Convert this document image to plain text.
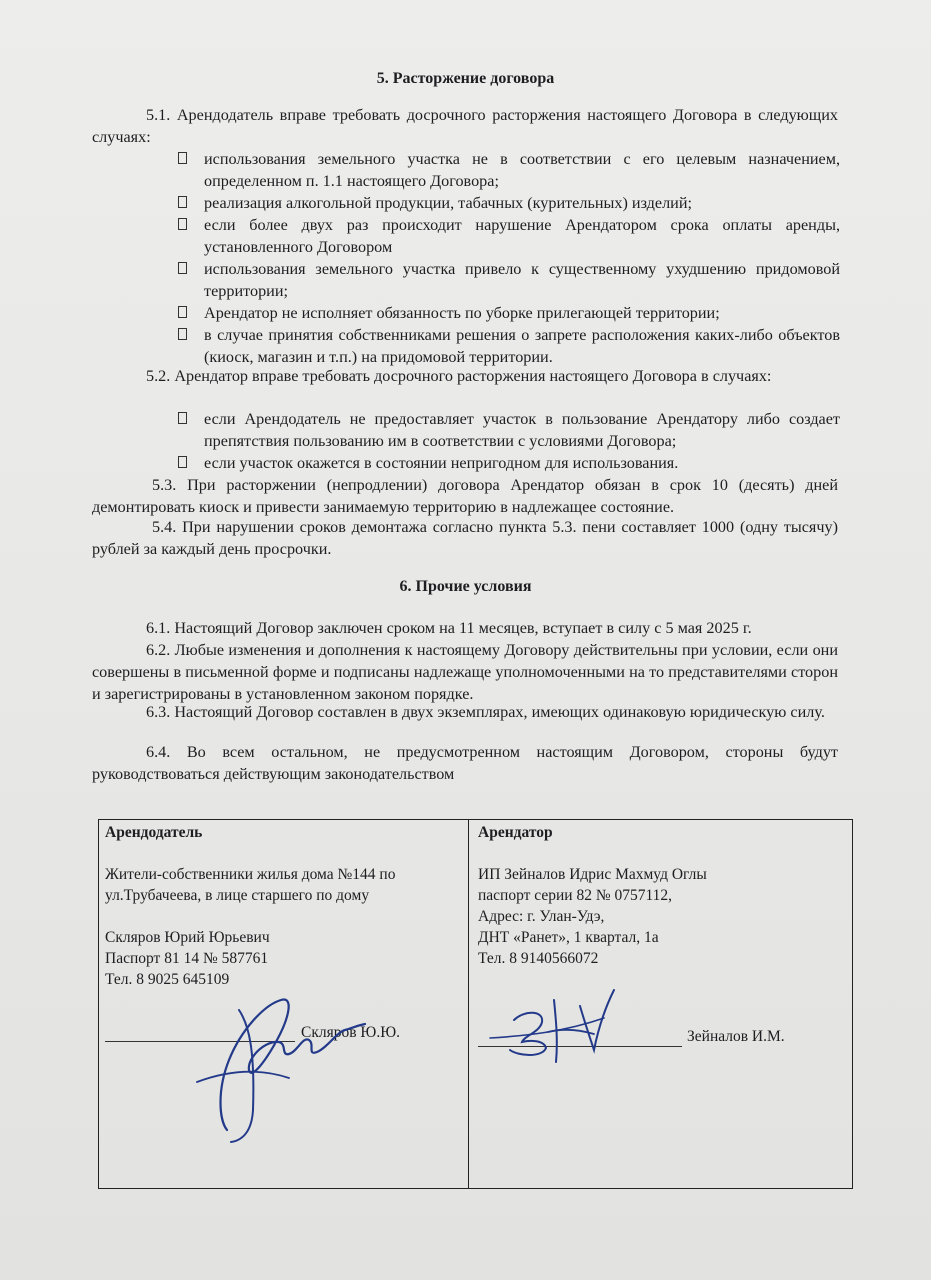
5. Расторжение договора

5.1. Арендодатель вправе требовать досрочного расторжения настоящего Договора в следующих случаях:

использования земельного участка не в соответствии с его целевым назначением, определенном п. 1.1 настоящего Договора;
реализация алкогольной продукции, табачных (курительных) изделий;
если более двух раз происходит нарушение Арендатором срока оплаты аренды, установленного Договором
использования земельного участка привело к существенному ухудшению придомовой территории;
Арендатор не исполняет обязанность по уборке прилегающей территории;
в случае принятия собственниками решения о запрете расположения каких-либо объектов (киоск, магазин и т.п.) на придомовой территории.

5.2. Арендатор вправе требовать досрочного расторжения настоящего Договора в случаях:

если Арендодатель не предоставляет участок в пользование Арендатору либо создает препятствия пользованию им в соответствии с условиями Договора;
если участок окажется в состоянии непригодном для использования.

5.3. При расторжении (непродлении) договора Арендатор обязан в срок 10 (десять) дней демонтировать киоск и привести занимаемую территорию в надлежащее состояние.

5.4. При нарушении сроков демонтажа согласно пункта 5.3. пени составляет 1000 (одну тысячу) рублей за каждый день просрочки.

6. Прочие условия

6.1. Настоящий Договор заключен сроком на 11 месяцев, вступает в силу с 5 мая 2025 г.

6.2. Любые изменения и дополнения к настоящему Договору действительны при условии, если они совершены в письменной форме и подписаны надлежаще уполномоченными на то представителями сторон и зарегистрированы в установленном законом порядке.

6.3. Настоящий Договор составлен в двух экземплярах, имеющих одинаковую юридическую силу.

6.4. Во всем остальном, не предусмотренном настоящим Договором, стороны будут руководствоваться действующим законодательством

Арендодатель
Жители-собственники жилья дома №144 по ул.Трубачеева, в лице старшего по дому
Скляров Юрий Юрьевич
Паспорт 81 14 № 587761
Тел. 8 9025 645109
Арендатор
ИП Зейналов Идрис Махмуд Оглы
паспорт серии 82 № 0757112,
Адрес: г. Улан-Удэ,
ДНТ «Ранет», 1 квартал, 1а
Тел. 8 9140566072
Скляров Ю.Ю.	Зейналов И.М.
